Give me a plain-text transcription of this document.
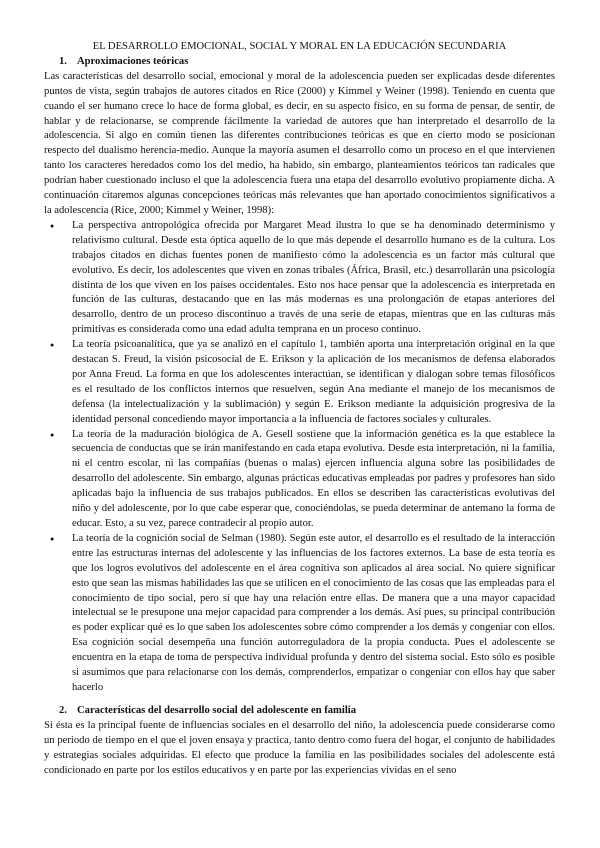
EL DESARROLLO EMOCIONAL, SOCIAL Y MORAL EN LA EDUCACIÓN SECUNDARIA
1. Aproximaciones teóricas

Las características del desarrollo social, emocional y moral de la adolescencia pueden ser explicadas desde diferentes puntos de vista, según trabajos de autores citados en Rice (2000) y Kimmel y Weiner (1998). Teniendo en cuenta que cuando el ser humano crece lo hace de forma global, es decir, en su aspecto físico, en su forma de pensar, de sentir, de hablar y de relacionarse, se comprende fácilmente la variedad de autores que han interpretado el desarrollo de la adolescencia. Si algo en común tienen las diferentes contribuciones teóricas es que en cierto modo se posicionan respecto del dualismo herencia-medio. Aunque la mayoría asumen el desarrollo como un proceso en el que intervienen tanto los caracteres heredados como los del medio, ha habido, sin embargo, planteamientos teóricos tan radicales que podrían haber cuestionado incluso el que la adolescencia fuera una etapa del desarrollo evolutivo propiamente dicha. A continuación citaremos algunas concepciones teóricas más relevantes que han aportado conocimientos significativos a la adolescencia (Rice, 2000; Kimmel y Weiner, 1998):

● La perspectiva antropológica ofrecida por Margaret Mead ilustra lo que se ha denominado determinismo y relativismo cultural. Desde esta óptica aquello de lo que más depende el desarrollo humano es de la cultura. Los trabajos citados en dichas fuentes ponen de manifiesto cómo la adolescencia es un factor más cultural que evolutivo. Es decir, los adolescentes que viven en zonas tribales (África, Brasil, etc.) desarrollarán una psicología distinta de los que viven en los países occidentales. Esto nos hace pensar que la adolescencia es interpretada en función de las culturas, destacando que en las más modernas es una prolongación de etapas anteriores del desarrollo, dentro de un proceso discontinuo a través de una serie de etapas, mientras que en las culturas más primitivas es considerada como una edad adulta temprana en un proceso continuo.
● La teoría psicoanalítica, que ya se analizó en el capítulo 1, también aporta una interpretación original en la que destacan S. Freud, la visión psicosocial de E. Erikson y la aplicación de los mecanismos de defensa elaborados por Anna Freud. La forma en que los adolescentes interactúan, se identifican y dialogan sobre temas filosóficos es el resultado de los conflictos internos que resuelven, según Ana mediante el manejo de los mecanismos de defensa (la intelectualización y la sublimación) y según E. Erikson mediante la adquisición progresiva de la identidad personal concediendo mayor importancia a la influencia de factores sociales y culturales.
● La teoría de la maduración biológica de A. Gesell sostiene que la información genética es la que establece la secuencia de conductas que se irán manifestando en cada etapa evolutiva. Desde esta interpretación, ni la familia, ni el centro escolar, ni las compañías (buenas o malas) ejercen influencia alguna sobre las posibilidades de desarrollo del adolescente. Sin embargo, algunas prácticas educativas empleadas por padres y profesores han sido aplicadas bajo la influencia de sus trabajos publicados. En ellos se describen las características evolutivas del niño y del adolescente, por lo que cabe esperar que, conociéndolas, se pueda determinar de antemano la forma de educar. Esto, a su vez, parece contradecir al propio autor.
● La teoría de la cognición social de Selman (1980). Según este autor, el desarrollo es el resultado de la interacción entre las estructuras internas del adolescente y las influencias de los factores externos. La base de esta teoría es que los logros evolutivos del adolescente en el área cognitiva son aplicados al área social. No quiere significar esto que sean las mismas habilidades las que se utilicen en el conocimiento de las cosas que las empleadas para el conocimiento de tipo social, pero sí que hay una relación entre ellas. De manera que a una mayor capacidad intelectual se le presupone una mejor capacidad para comprender a los demás. Así pues, su principal contribución es poder explicar qué es lo que saben los adolescentes sobre cómo comprender a los demás y congeniar con ellos. Esa cognición social desempeña una función autorreguladora de la propia conducta. Pues el adolescente se encuentra en la etapa de toma de perspectiva individual profunda y dentro del sistema social. Esto sólo es posible si asumimos que para relacionarse con los demás, comprenderlos, empatizar o congeniar con ellos hay que saber hacerlo
2. Características del desarrollo social del adolescente en familia

Si ésta es la principal fuente de influencias sociales en el desarrollo del niño, la adolescencia puede considerarse como un periodo de tiempo en el que el joven ensaya y practica, tanto dentro como fuera del hogar, el conjunto de habilidades y estrategias sociales adquiridas. El efecto que produce la familia en las posibilidades sociales del adolescente está condicionado en parte por los estilos educativos y en parte por las experiencias vividas en el seno
